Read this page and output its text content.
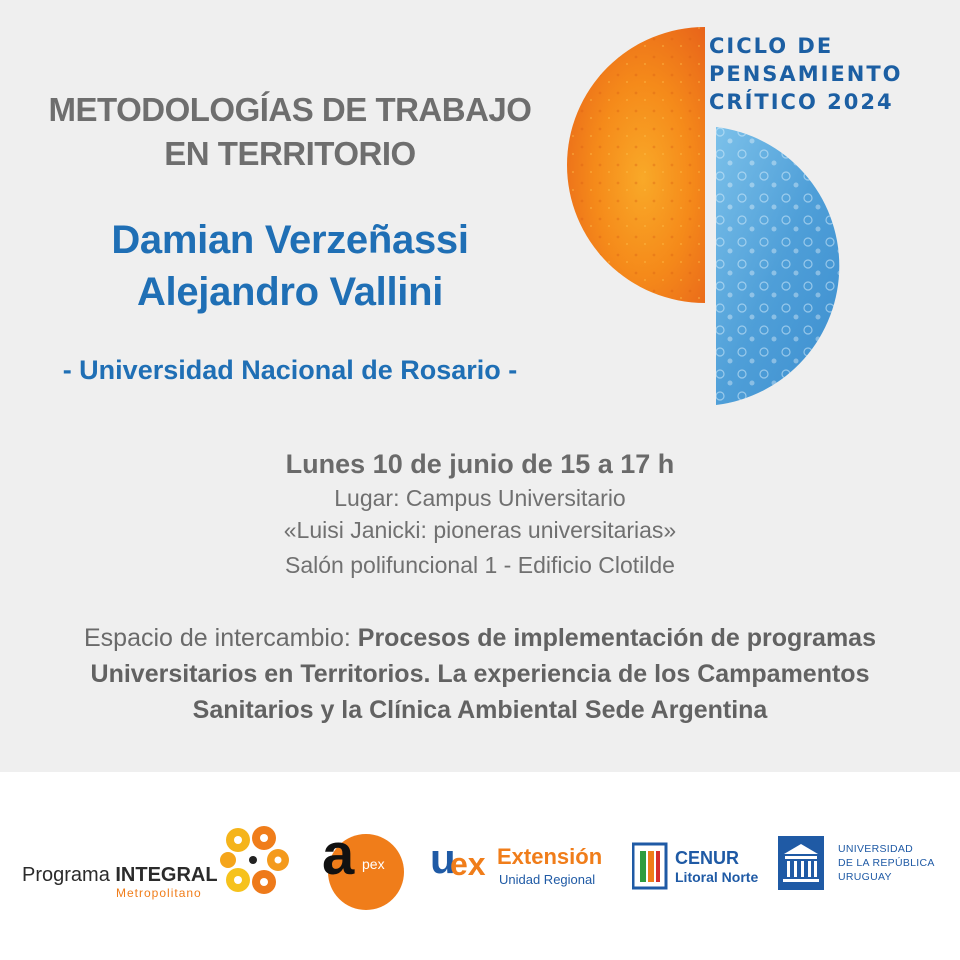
METODOLOGÍAS DE TRABAJO
EN TERRITORIO
Damian Verzeñassi
Alejandro Vallini
- Universidad Nacional de Rosario -
CICLO DE
PENSAMIENTO
CRÍTICO 2024
Lunes 10 de junio de 15 a 17 h
Lugar: Campus Universitario
«Luisi Janicki: pioneras universitarias»
Salón polifuncional 1 - Edificio Clotilde
Espacio de intercambio: Procesos de implementación de programas Universitarios en Territorios. La experiencia de los Campamentos Sanitarios y la Clínica Ambiental Sede Argentina
Programa INTEGRAL
Metropolitano
a pex u
ex Extensión
Unidad Regional
CENUR
Litoral Norte
UNIVERSIDAD
DE LA REPÚBLICA
URUGUAY
